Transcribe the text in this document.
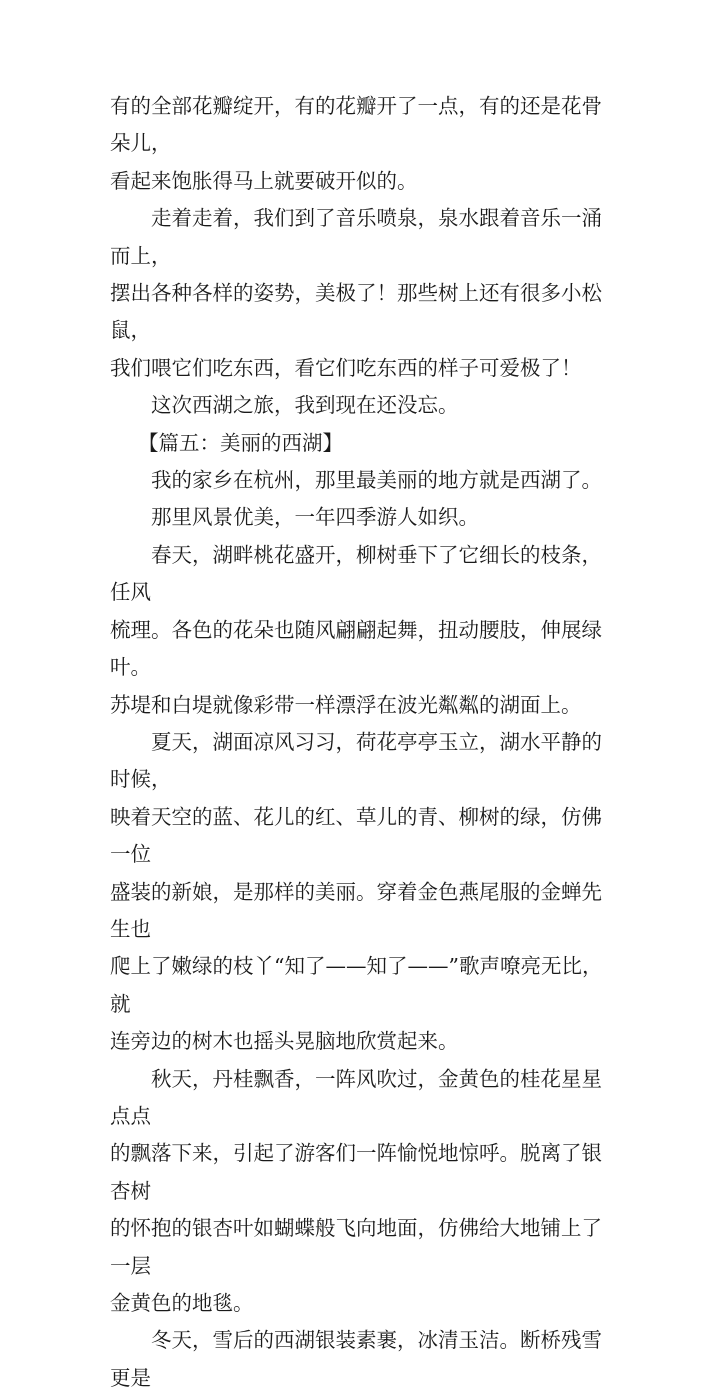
有的全部花瓣绽开，有的花瓣开了一点，有的还是花骨朵儿，
看起来饱胀得马上就要破开似的。
走着走着，我们到了音乐喷泉，泉水跟着音乐一涌而上，
摆出各种各样的姿势，美极了！那些树上还有很多小松鼠，
我们喂它们吃东西，看它们吃东西的样子可爱极了！
这次西湖之旅，我到现在还没忘。
【篇五：美丽的西湖】
我的家乡在杭州，那里最美丽的地方就是西湖了。
那里风景优美，一年四季游人如织。
春天，湖畔桃花盛开，柳树垂下了它细长的枝条，任风
梳理。各色的花朵也随风翩翩起舞，扭动腰肢，伸展绿叶。
苏堤和白堤就像彩带一样漂浮在波光粼粼的湖面上。
夏天，湖面凉风习习，荷花亭亭玉立，湖水平静的时候，
映着天空的蓝、花儿的红、草儿的青、柳树的绿，仿佛一位
盛装的新娘，是那样的美丽。穿着金色燕尾服的金蝉先生也
爬上了嫩绿的枝丫“知了——知了——”歌声嘹亮无比，就
连旁边的树木也摇头晃脑地欣赏起来。
秋天，丹桂飘香，一阵风吹过，金黄色的桂花星星点点
的飘落下来，引起了游客们一阵愉悦地惊呼。脱离了银杏树
的怀抱的银杏叶如蝴蝶般飞向地面，仿佛给大地铺上了一层
金黄色的地毯。
冬天，雪后的西湖银装素裹，冰清玉洁。断桥残雪更是
